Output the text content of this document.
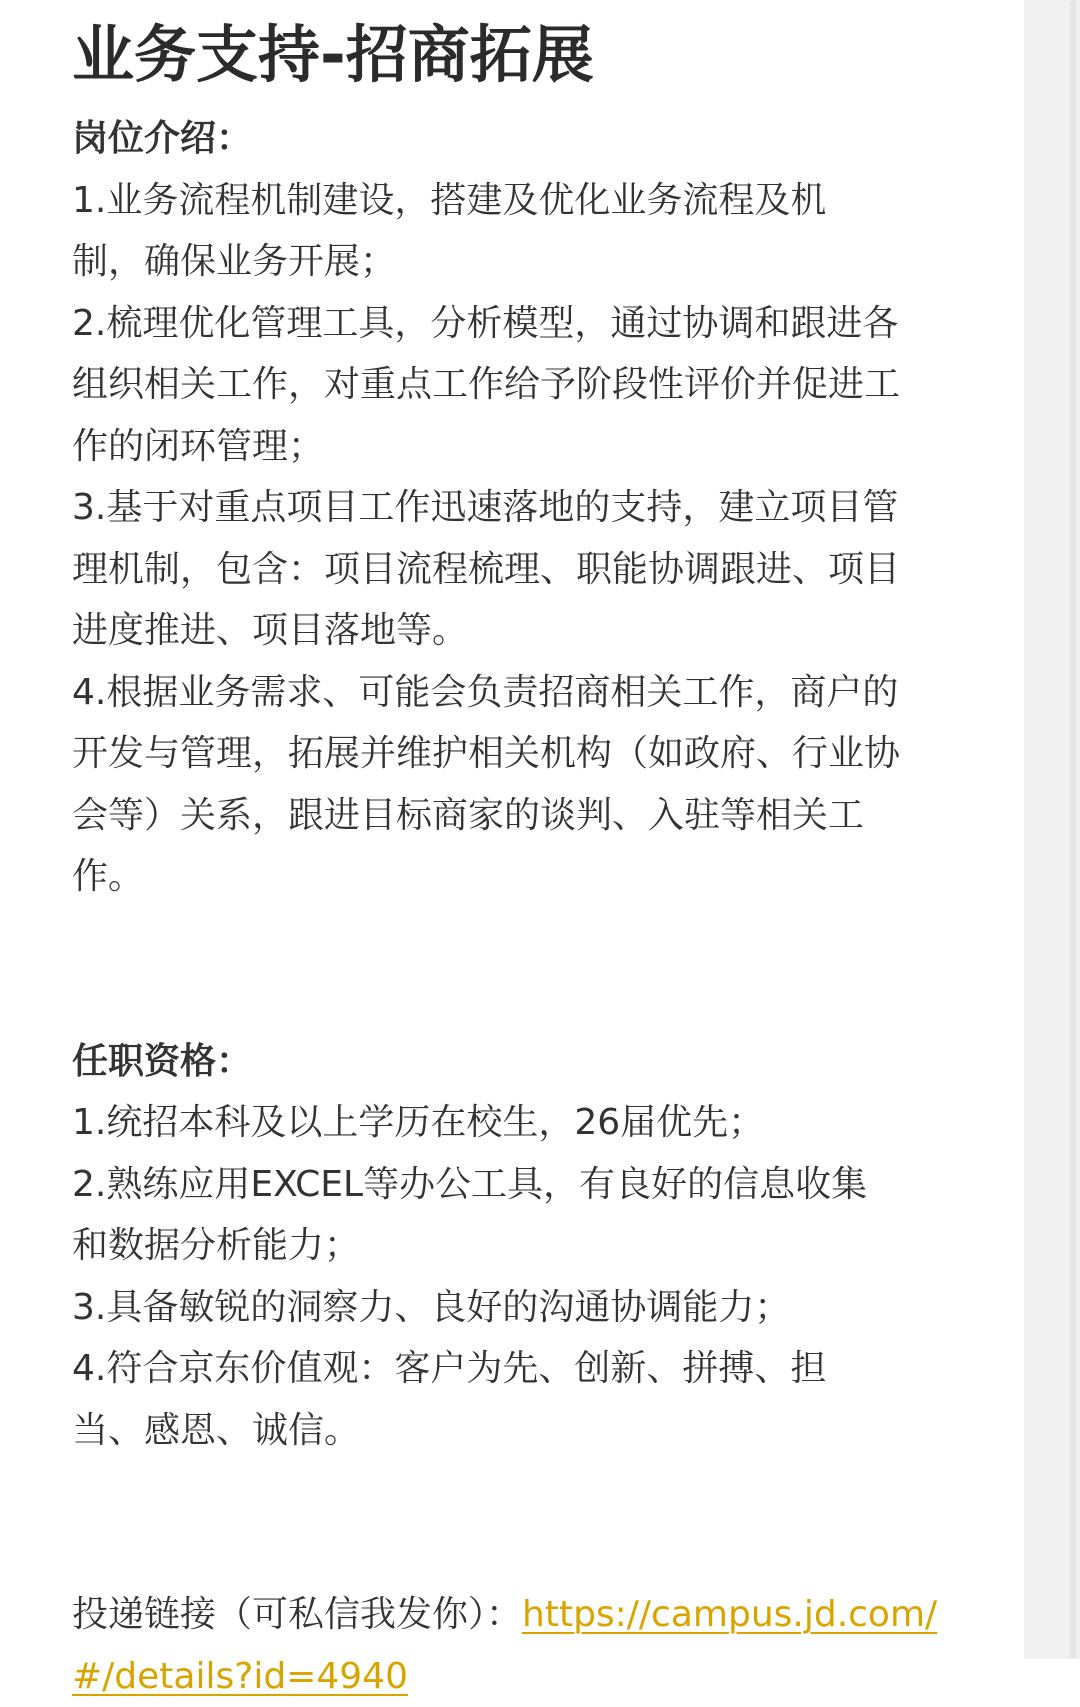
业务支持-招商拓展

岗位介绍：

1.业务流程机制建设，搭建及优化业务流程及机制，确保业务开展；

2.梳理优化管理工具，分析模型，通过协调和跟进各组织相关工作，对重点工作给予阶段性评价并促进工作的闭环管理；

3.基于对重点项目工作迅速落地的支持，建立项目管理机制，包含：项目流程梳理、职能协调跟进、项目进度推进、项目落地等。

4.根据业务需求、可能会负责招商相关工作，商户的开发与管理，拓展并维护相关机构（如政府、行业协会等）关系，跟进目标商家的谈判、入驻等相关工作。

任职资格：

1.统招本科及以上学历在校生，26届优先；

2.熟练应用EXCEL等办公工具，有良好的信息收集和数据分析能力；

3.具备敏锐的洞察力、良好的沟通协调能力；

4.符合京东价值观：客户为先、创新、拼搏、担当、感恩、诚信。

投递链接（可私信我发你）：https://campus.jd.com/#/details?id=4940
